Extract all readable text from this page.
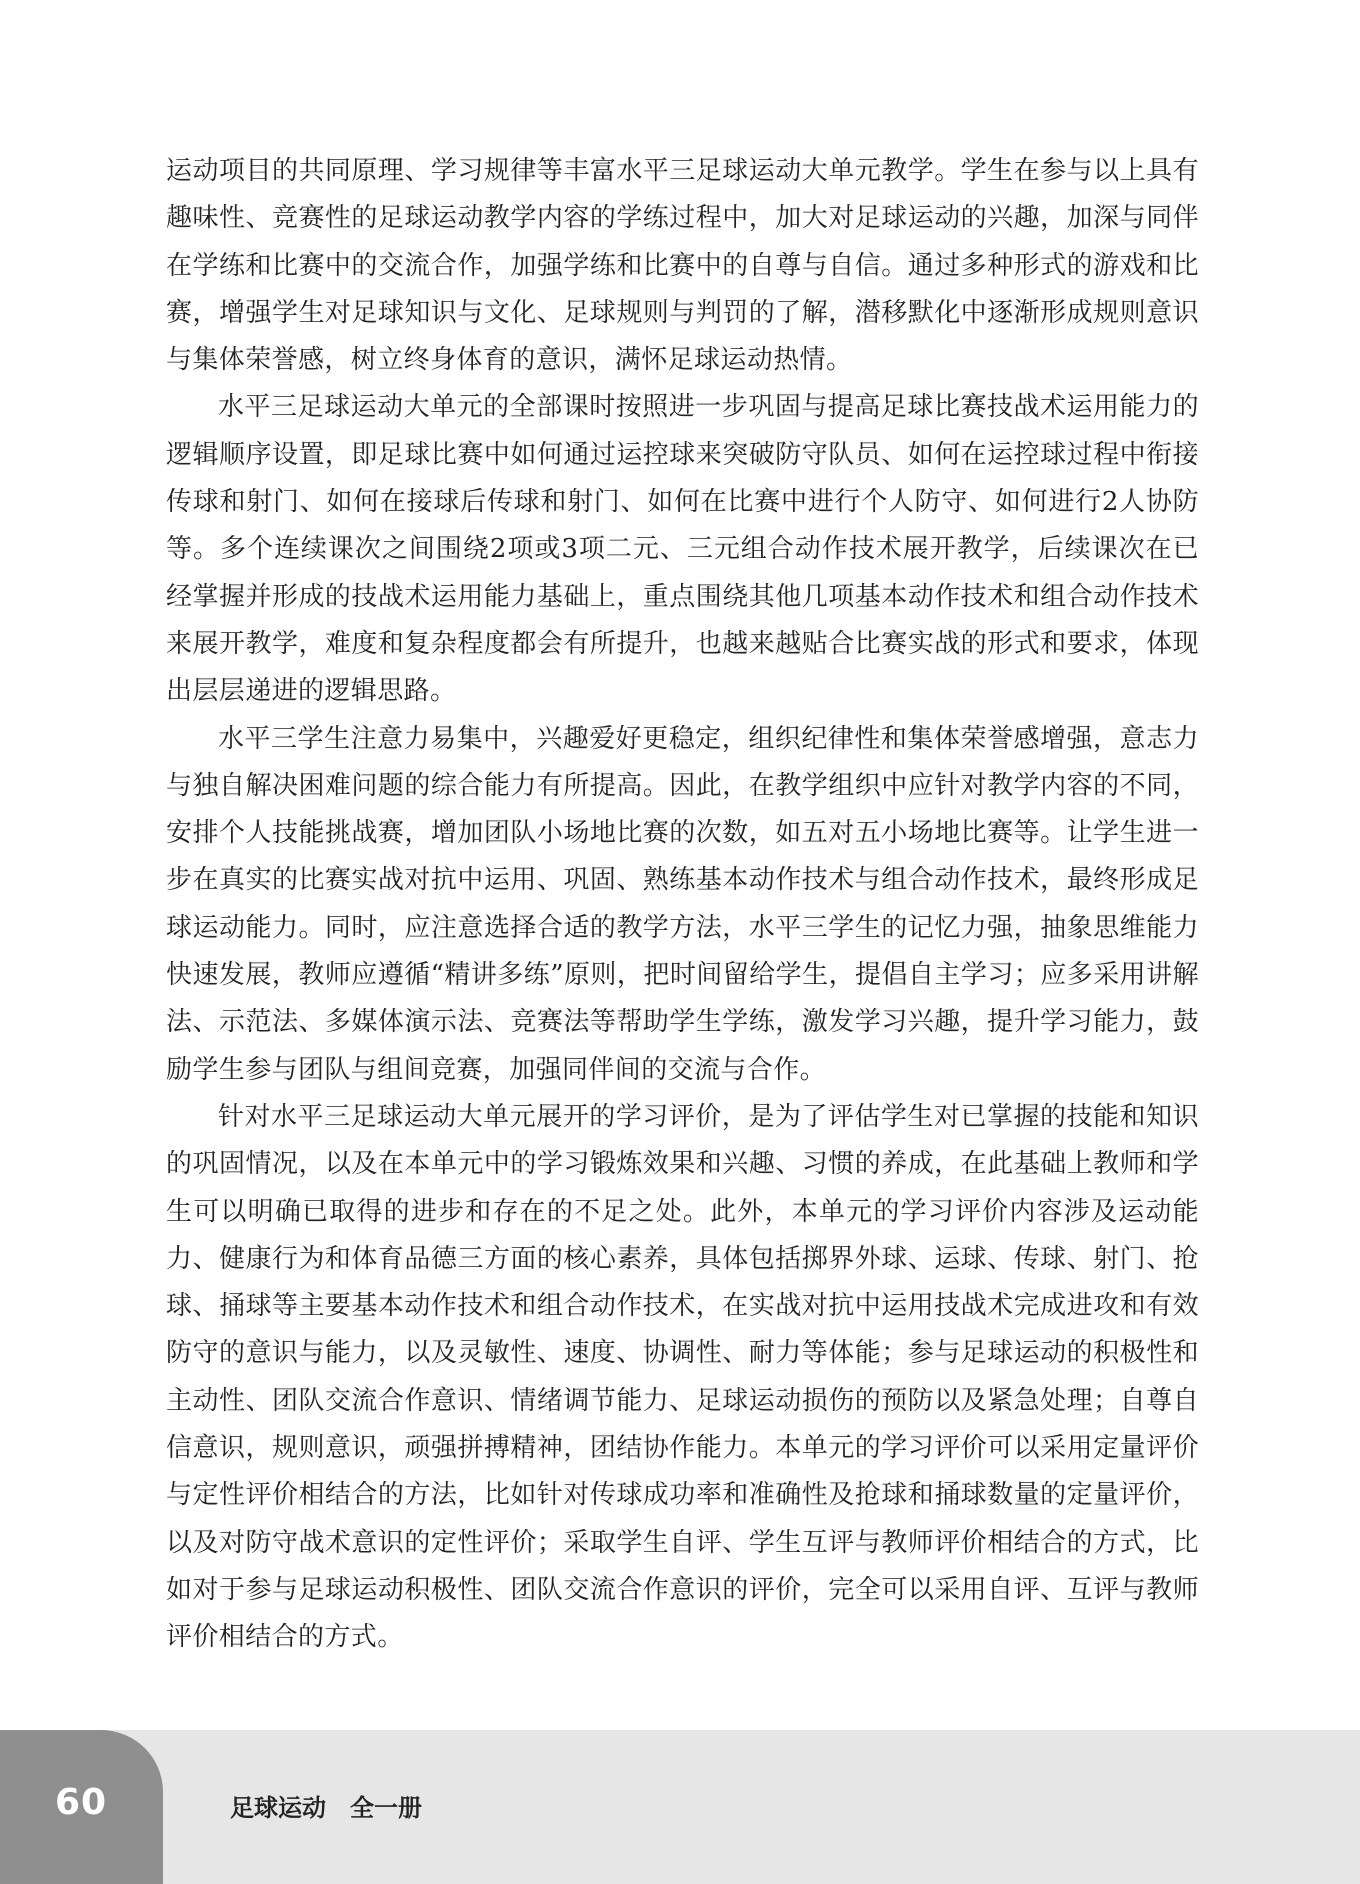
运动项目的共同原理、学习规律等丰富水平三足球运动大单元教学。学生在参与以上具有趣味性、竞赛性的足球运动教学内容的学练过程中，加大对足球运动的兴趣，加深与同伴在学练和比赛中的交流合作，加强学练和比赛中的自尊与自信。通过多种形式的游戏和比赛，增强学生对足球知识与文化、足球规则与判罚的了解，潜移默化中逐渐形成规则意识与集体荣誉感，树立终身体育的意识，满怀足球运动热情。

水平三足球运动大单元的全部课时按照进一步巩固与提高足球比赛技战术运用能力的逻辑顺序设置，即足球比赛中如何通过运控球来突破防守队员、如何在运控球过程中衔接传球和射门、如何在接球后传球和射门、如何在比赛中进行个人防守、如何进行2人协防等。多个连续课次之间围绕2项或3项二元、三元组合动作技术展开教学，后续课次在已经掌握并形成的技战术运用能力基础上，重点围绕其他几项基本动作技术和组合动作技术来展开教学，难度和复杂程度都会有所提升，也越来越贴合比赛实战的形式和要求，体现出层层递进的逻辑思路。

水平三学生注意力易集中，兴趣爱好更稳定，组织纪律性和集体荣誉感增强，意志力与独自解决困难问题的综合能力有所提高。因此，在教学组织中应针对教学内容的不同，安排个人技能挑战赛，增加团队小场地比赛的次数，如五对五小场地比赛等。让学生进一步在真实的比赛实战对抗中运用、巩固、熟练基本动作技术与组合动作技术，最终形成足球运动能力。同时，应注意选择合适的教学方法，水平三学生的记忆力强，抽象思维能力快速发展，教师应遵循“精讲多练”原则，把时间留给学生，提倡自主学习；应多采用讲解法、示范法、多媒体演示法、竞赛法等帮助学生学练，激发学习兴趣，提升学习能力，鼓励学生参与团队与组间竞赛，加强同伴间的交流与合作。

针对水平三足球运动大单元展开的学习评价，是为了评估学生对已掌握的技能和知识的巩固情况，以及在本单元中的学习锻炼效果和兴趣、习惯的养成，在此基础上教师和学生可以明确已取得的进步和存在的不足之处。此外，本单元的学习评价内容涉及运动能力、健康行为和体育品德三方面的核心素养，具体包括掷界外球、运球、传球、射门、抢球、捅球等主要基本动作技术和组合动作技术，在实战对抗中运用技战术完成进攻和有效防守的意识与能力，以及灵敏性、速度、协调性、耐力等体能；参与足球运动的积极性和主动性、团队交流合作意识、情绪调节能力、足球运动损伤的预防以及紧急处理；自尊自信意识，规则意识，顽强拼搏精神，团结协作能力。本单元的学习评价可以采用定量评价与定性评价相结合的方法，比如针对传球成功率和准确性及抢球和捅球数量的定量评价，以及对防守战术意识的定性评价；采取学生自评、学生互评与教师评价相结合的方式，比如对于参与足球运动积极性、团队交流合作意识的评价，完全可以采用自评、互评与教师评价相结合的方式。

60	足球运动　全一册
